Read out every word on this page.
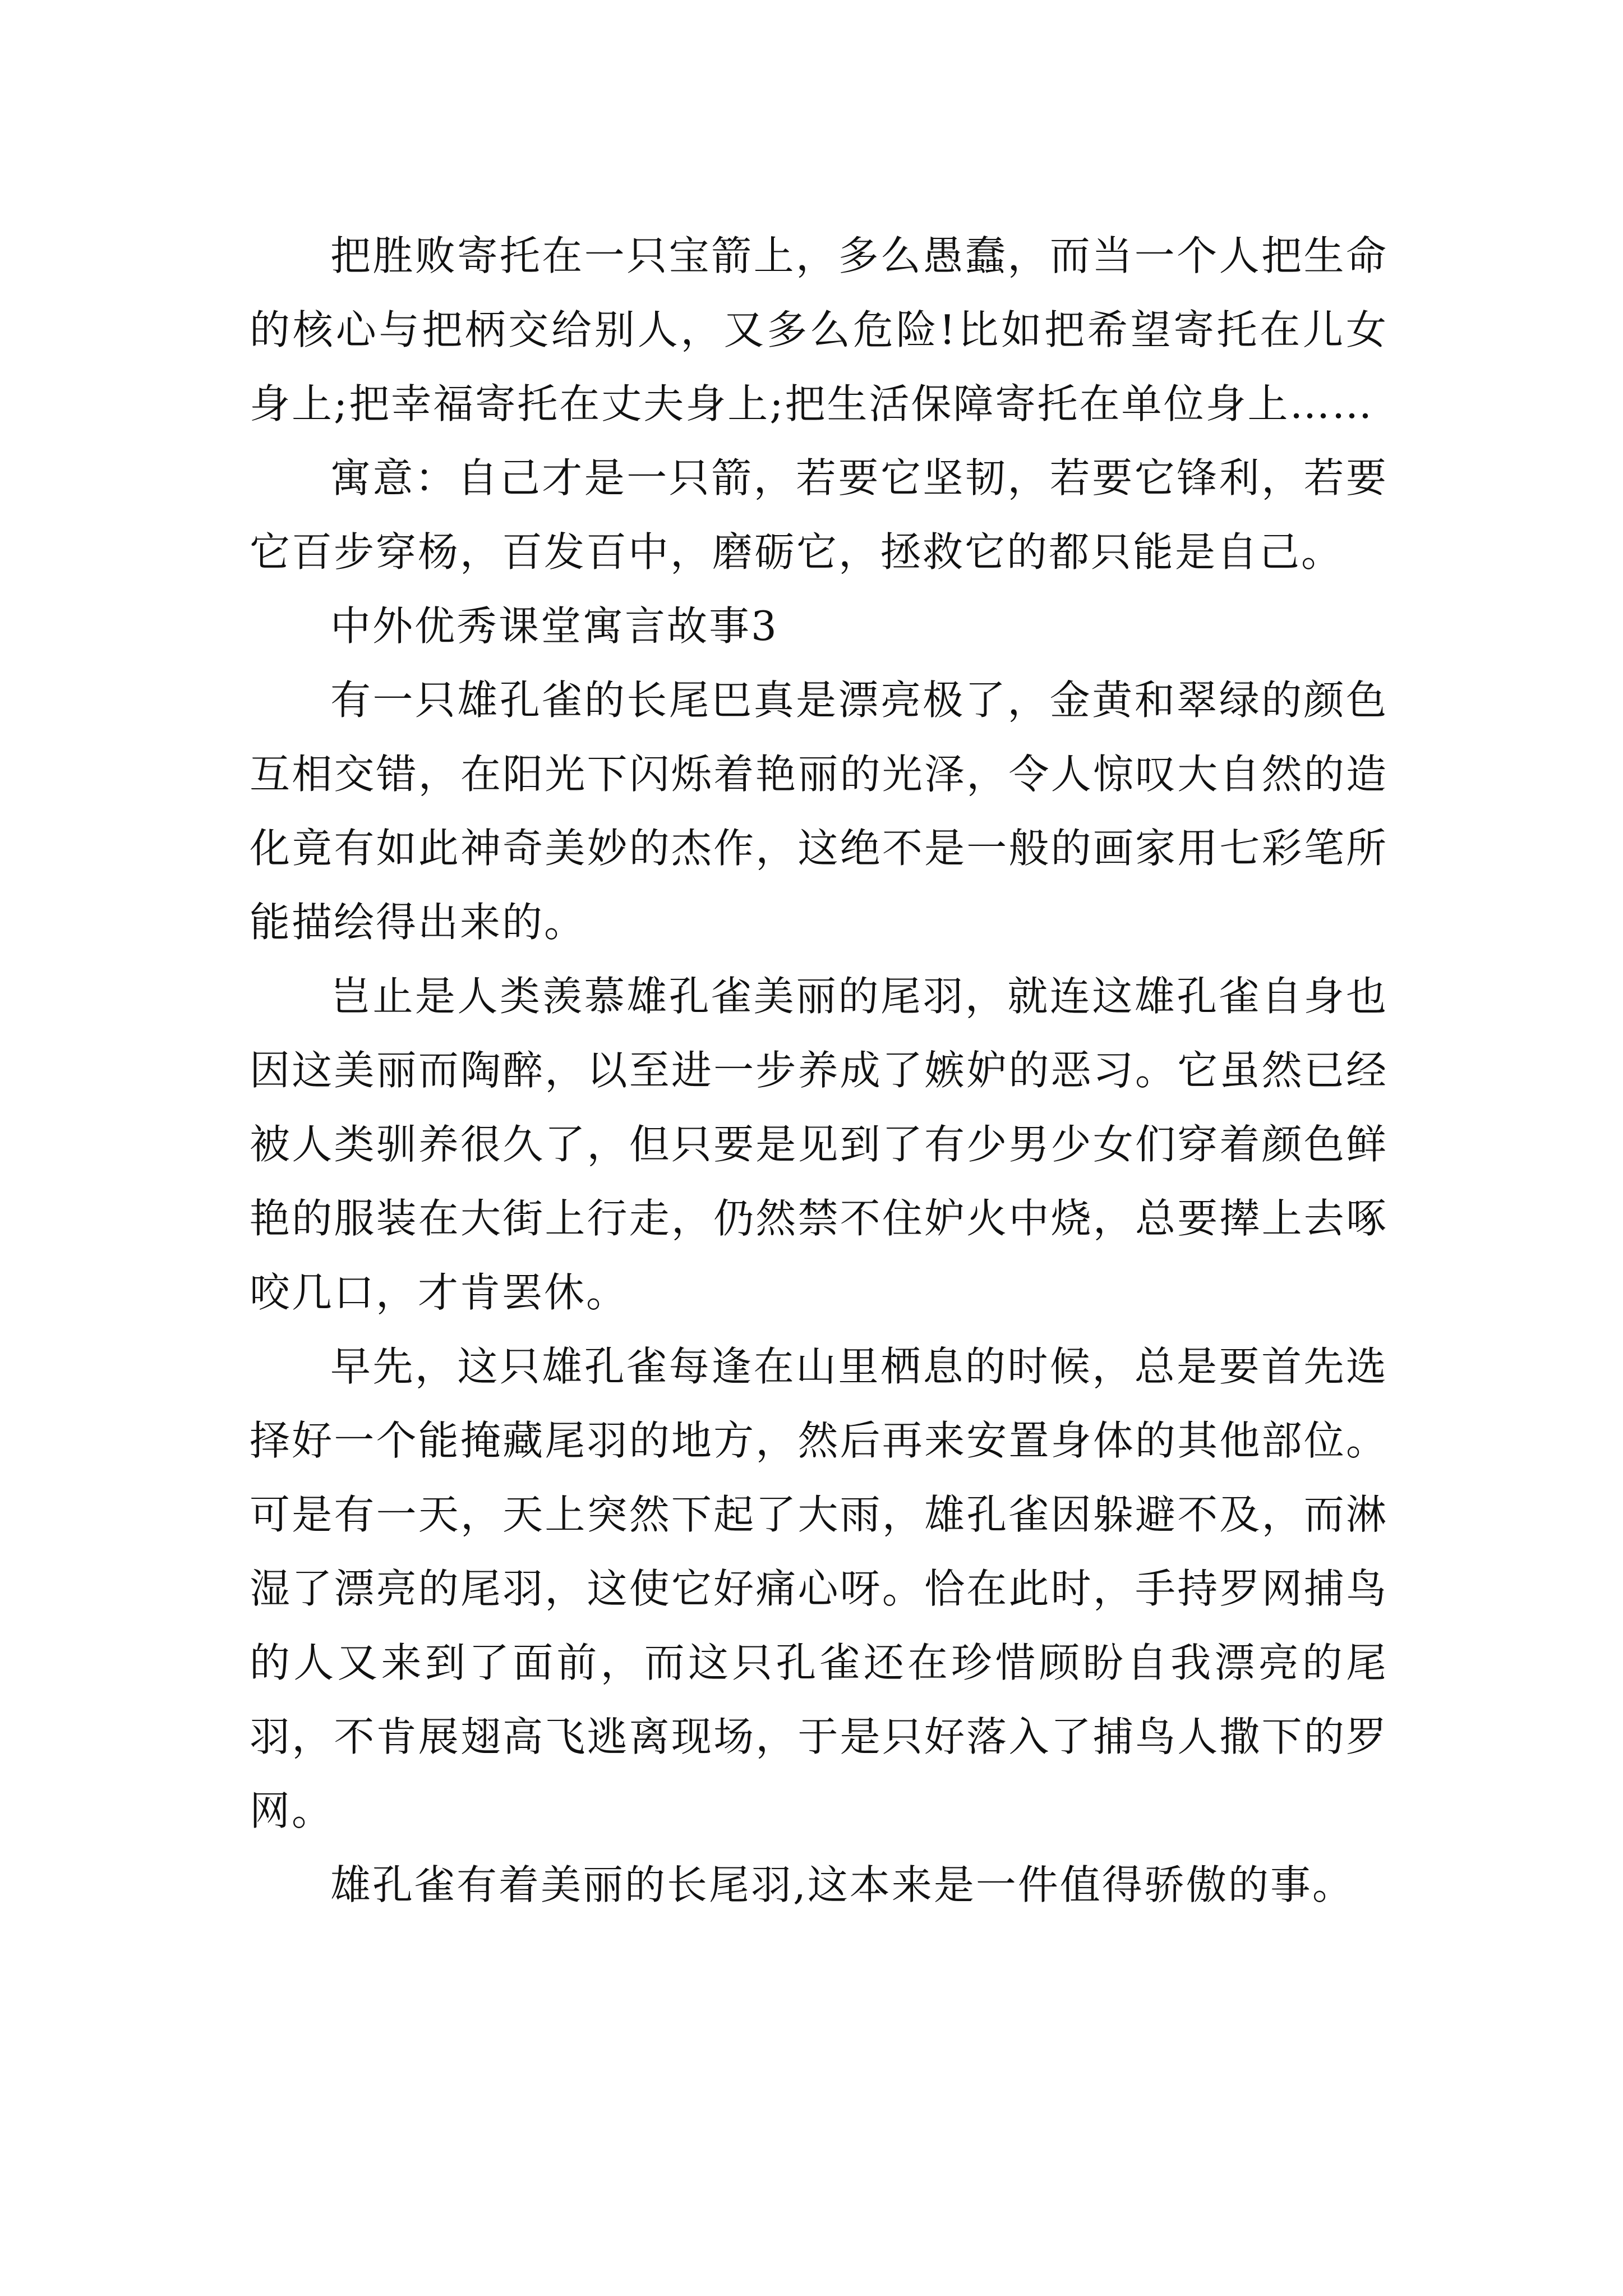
把胜败寄托在一只宝箭上，多么愚蠢，而当一个人把生命的核心与把柄交给别人，又多么危险!比如把希望寄托在儿女身上;把幸福寄托在丈夫身上;把生活保障寄托在单位身上……

寓意：自己才是一只箭，若要它坚韧，若要它锋利，若要它百步穿杨，百发百中，磨砺它，拯救它的都只能是自己。

中外优秀课堂寓言故事3

有一只雄孔雀的长尾巴真是漂亮极了，金黄和翠绿的颜色互相交错，在阳光下闪烁着艳丽的光泽，令人惊叹大自然的造化竟有如此神奇美妙的杰作，这绝不是一般的画家用七彩笔所能描绘得出来的。

岂止是人类羡慕雄孔雀美丽的尾羽，就连这雄孔雀自身也因这美丽而陶醉，以至进一步养成了嫉妒的恶习。它虽然已经被人类驯养很久了，但只要是见到了有少男少女们穿着颜色鲜艳的服装在大街上行走，仍然禁不住妒火中烧，总要撵上去啄咬几口，才肯罢休。

早先，这只雄孔雀每逢在山里栖息的时候，总是要首先选择好一个能掩藏尾羽的地方，然后再来安置身体的其他部位。可是有一天，天上突然下起了大雨，雄孔雀因躲避不及，而淋湿了漂亮的尾羽，这使它好痛心呀。恰在此时，手持罗网捕鸟的人又来到了面前，而这只孔雀还在珍惜顾盼自我漂亮的尾羽，不肯展翅高飞逃离现场，于是只好落入了捕鸟人撒下的罗网。

雄孔雀有着美丽的长尾羽,这本来是一件值得骄傲的事。
